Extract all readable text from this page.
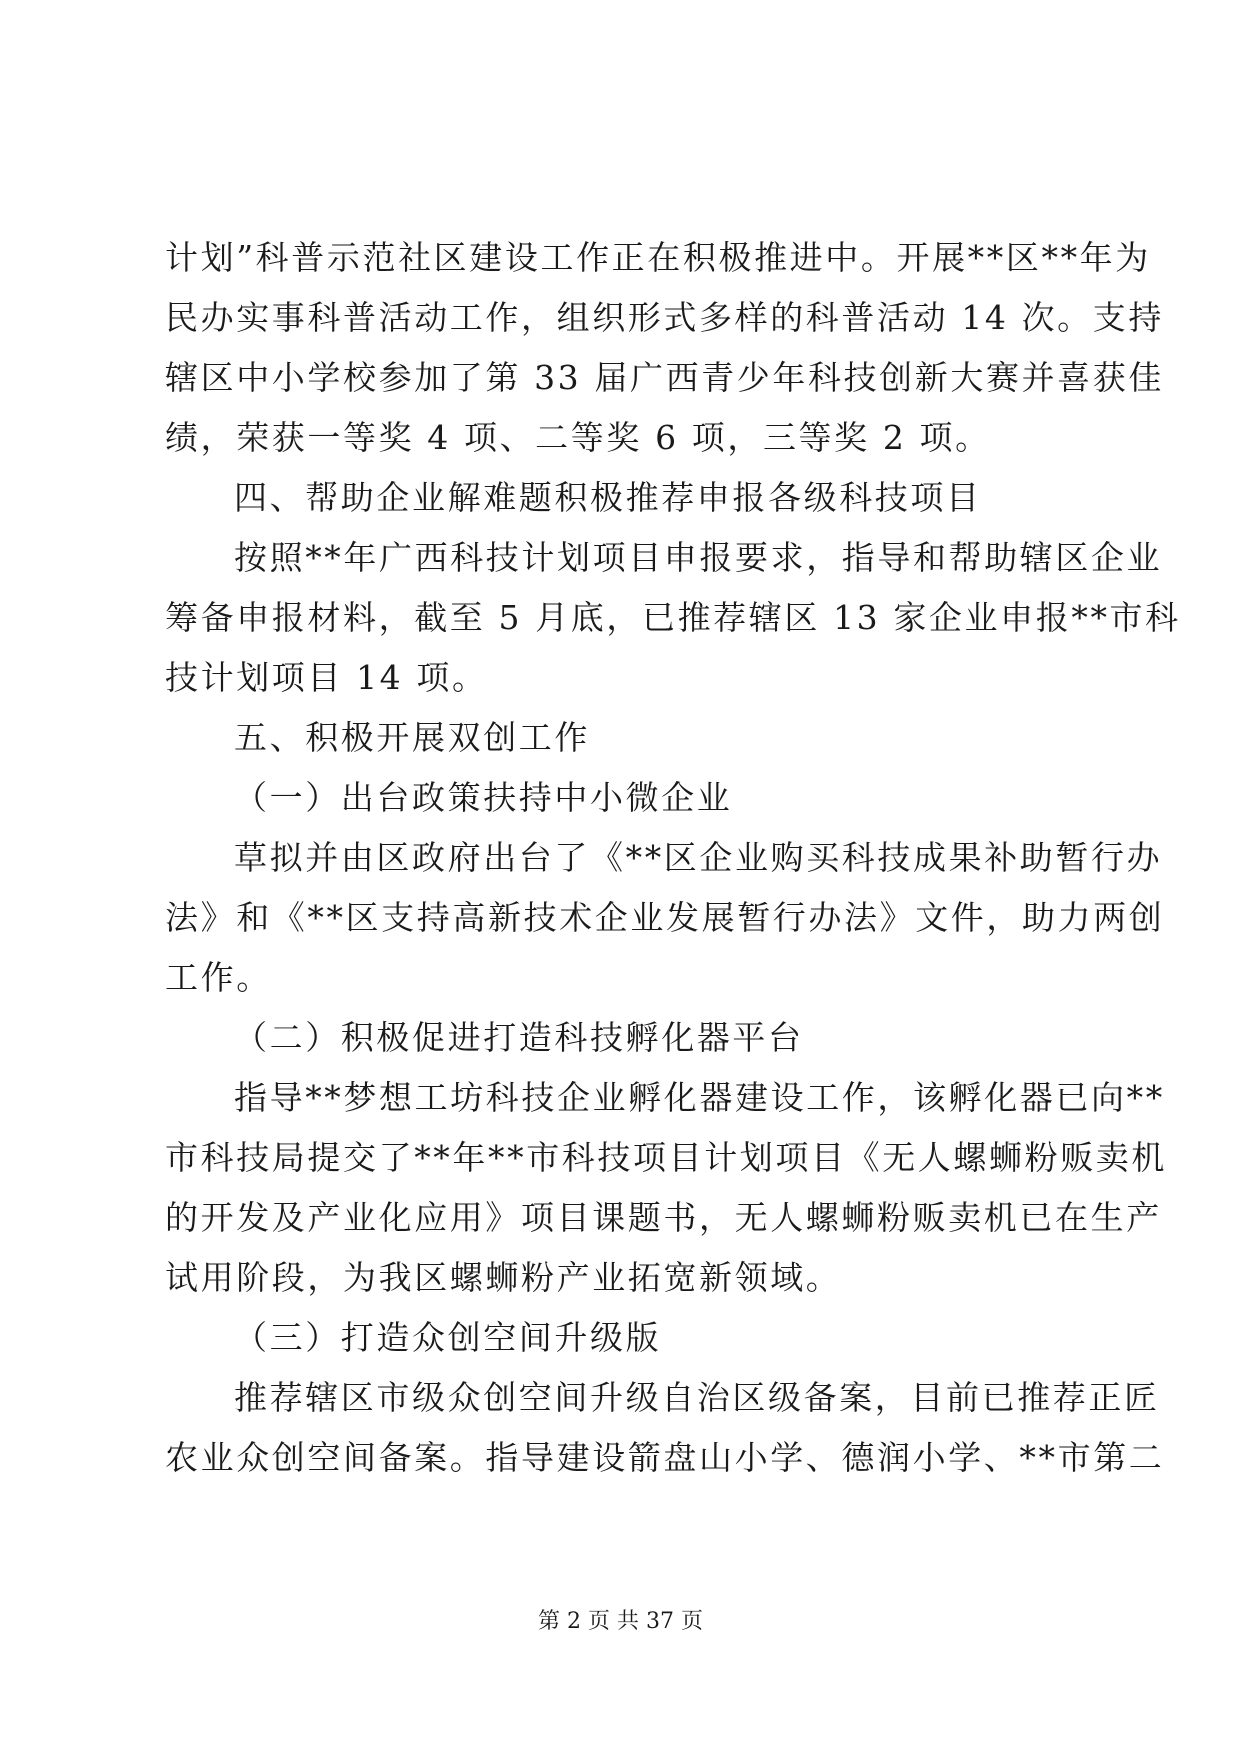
计划”科普示范社区建设工作正在积极推进中。开展**区**年为
民办实事科普活动工作，组织形式多样的科普活动 14 次。支持
辖区中小学校参加了第 33 届广西青少年科技创新大赛并喜获佳
绩，荣获一等奖 4 项、二等奖 6 项，三等奖 2 项。
四、帮助企业解难题积极推荐申报各级科技项目
按照**年广西科技计划项目申报要求，指导和帮助辖区企业
筹备申报材料，截至 5 月底，已推荐辖区 13 家企业申报**市科
技计划项目 14 项。
五、积极开展双创工作
（一）出台政策扶持中小微企业
草拟并由区政府出台了《**区企业购买科技成果补助暂行办
法》和《**区支持高新技术企业发展暂行办法》文件，助力两创
工作。
（二）积极促进打造科技孵化器平台
指导**梦想工坊科技企业孵化器建设工作，该孵化器已向**
市科技局提交了**年**市科技项目计划项目《无人螺蛳粉贩卖机
的开发及产业化应用》项目课题书，无人螺蛳粉贩卖机已在生产
试用阶段，为我区螺蛳粉产业拓宽新领域。
（三）打造众创空间升级版
推荐辖区市级众创空间升级自治区级备案，目前已推荐正匠
农业众创空间备案。指导建设箭盘山小学、德润小学、**市第二
第 2 页 共 37 页
